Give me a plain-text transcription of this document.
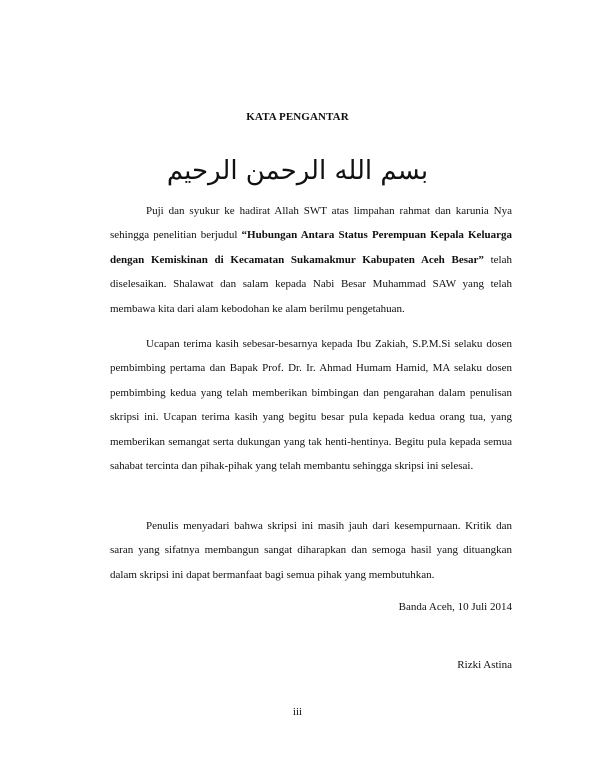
KATA PENGANTAR
بسم الله الرحمن الرحيم

Puji dan syukur ke hadirat Allah SWT atas limpahan rahmat dan karunia Nya sehingga penelitian berjudul “Hubungan Antara Status Perempuan Kepala Keluarga dengan Kemiskinan di Kecamatan Sukamakmur Kabupaten Aceh Besar” telah diselesaikan. Shalawat dan salam kepada Nabi Besar Muhammad SAW yang telah membawa kita dari alam kebodohan ke alam berilmu pengetahuan.

Ucapan terima kasih sebesar-besarnya kepada Ibu Zakiah, S.P.M.Si selaku dosen pembimbing pertama dan Bapak Prof. Dr. Ir. Ahmad Humam Hamid, MA selaku dosen pembimbing kedua yang telah memberikan bimbingan dan pengarahan dalam penulisan skripsi ini. Ucapan terima kasih yang begitu besar pula kepada kedua orang tua, yang memberikan semangat serta dukungan yang tak henti-hentinya. Begitu pula kepada semua sahabat tercinta dan pihak-pihak yang telah membantu sehingga skripsi ini selesai.

Penulis menyadari bahwa skripsi ini masih jauh dari kesempurnaan. Kritik dan saran yang sifatnya membangun sangat diharapkan dan semoga hasil yang dituangkan dalam skripsi ini dapat bermanfaat bagi semua pihak yang membutuhkan.

Banda Aceh, 10 Juli 2014
Rizki Astina
iii
